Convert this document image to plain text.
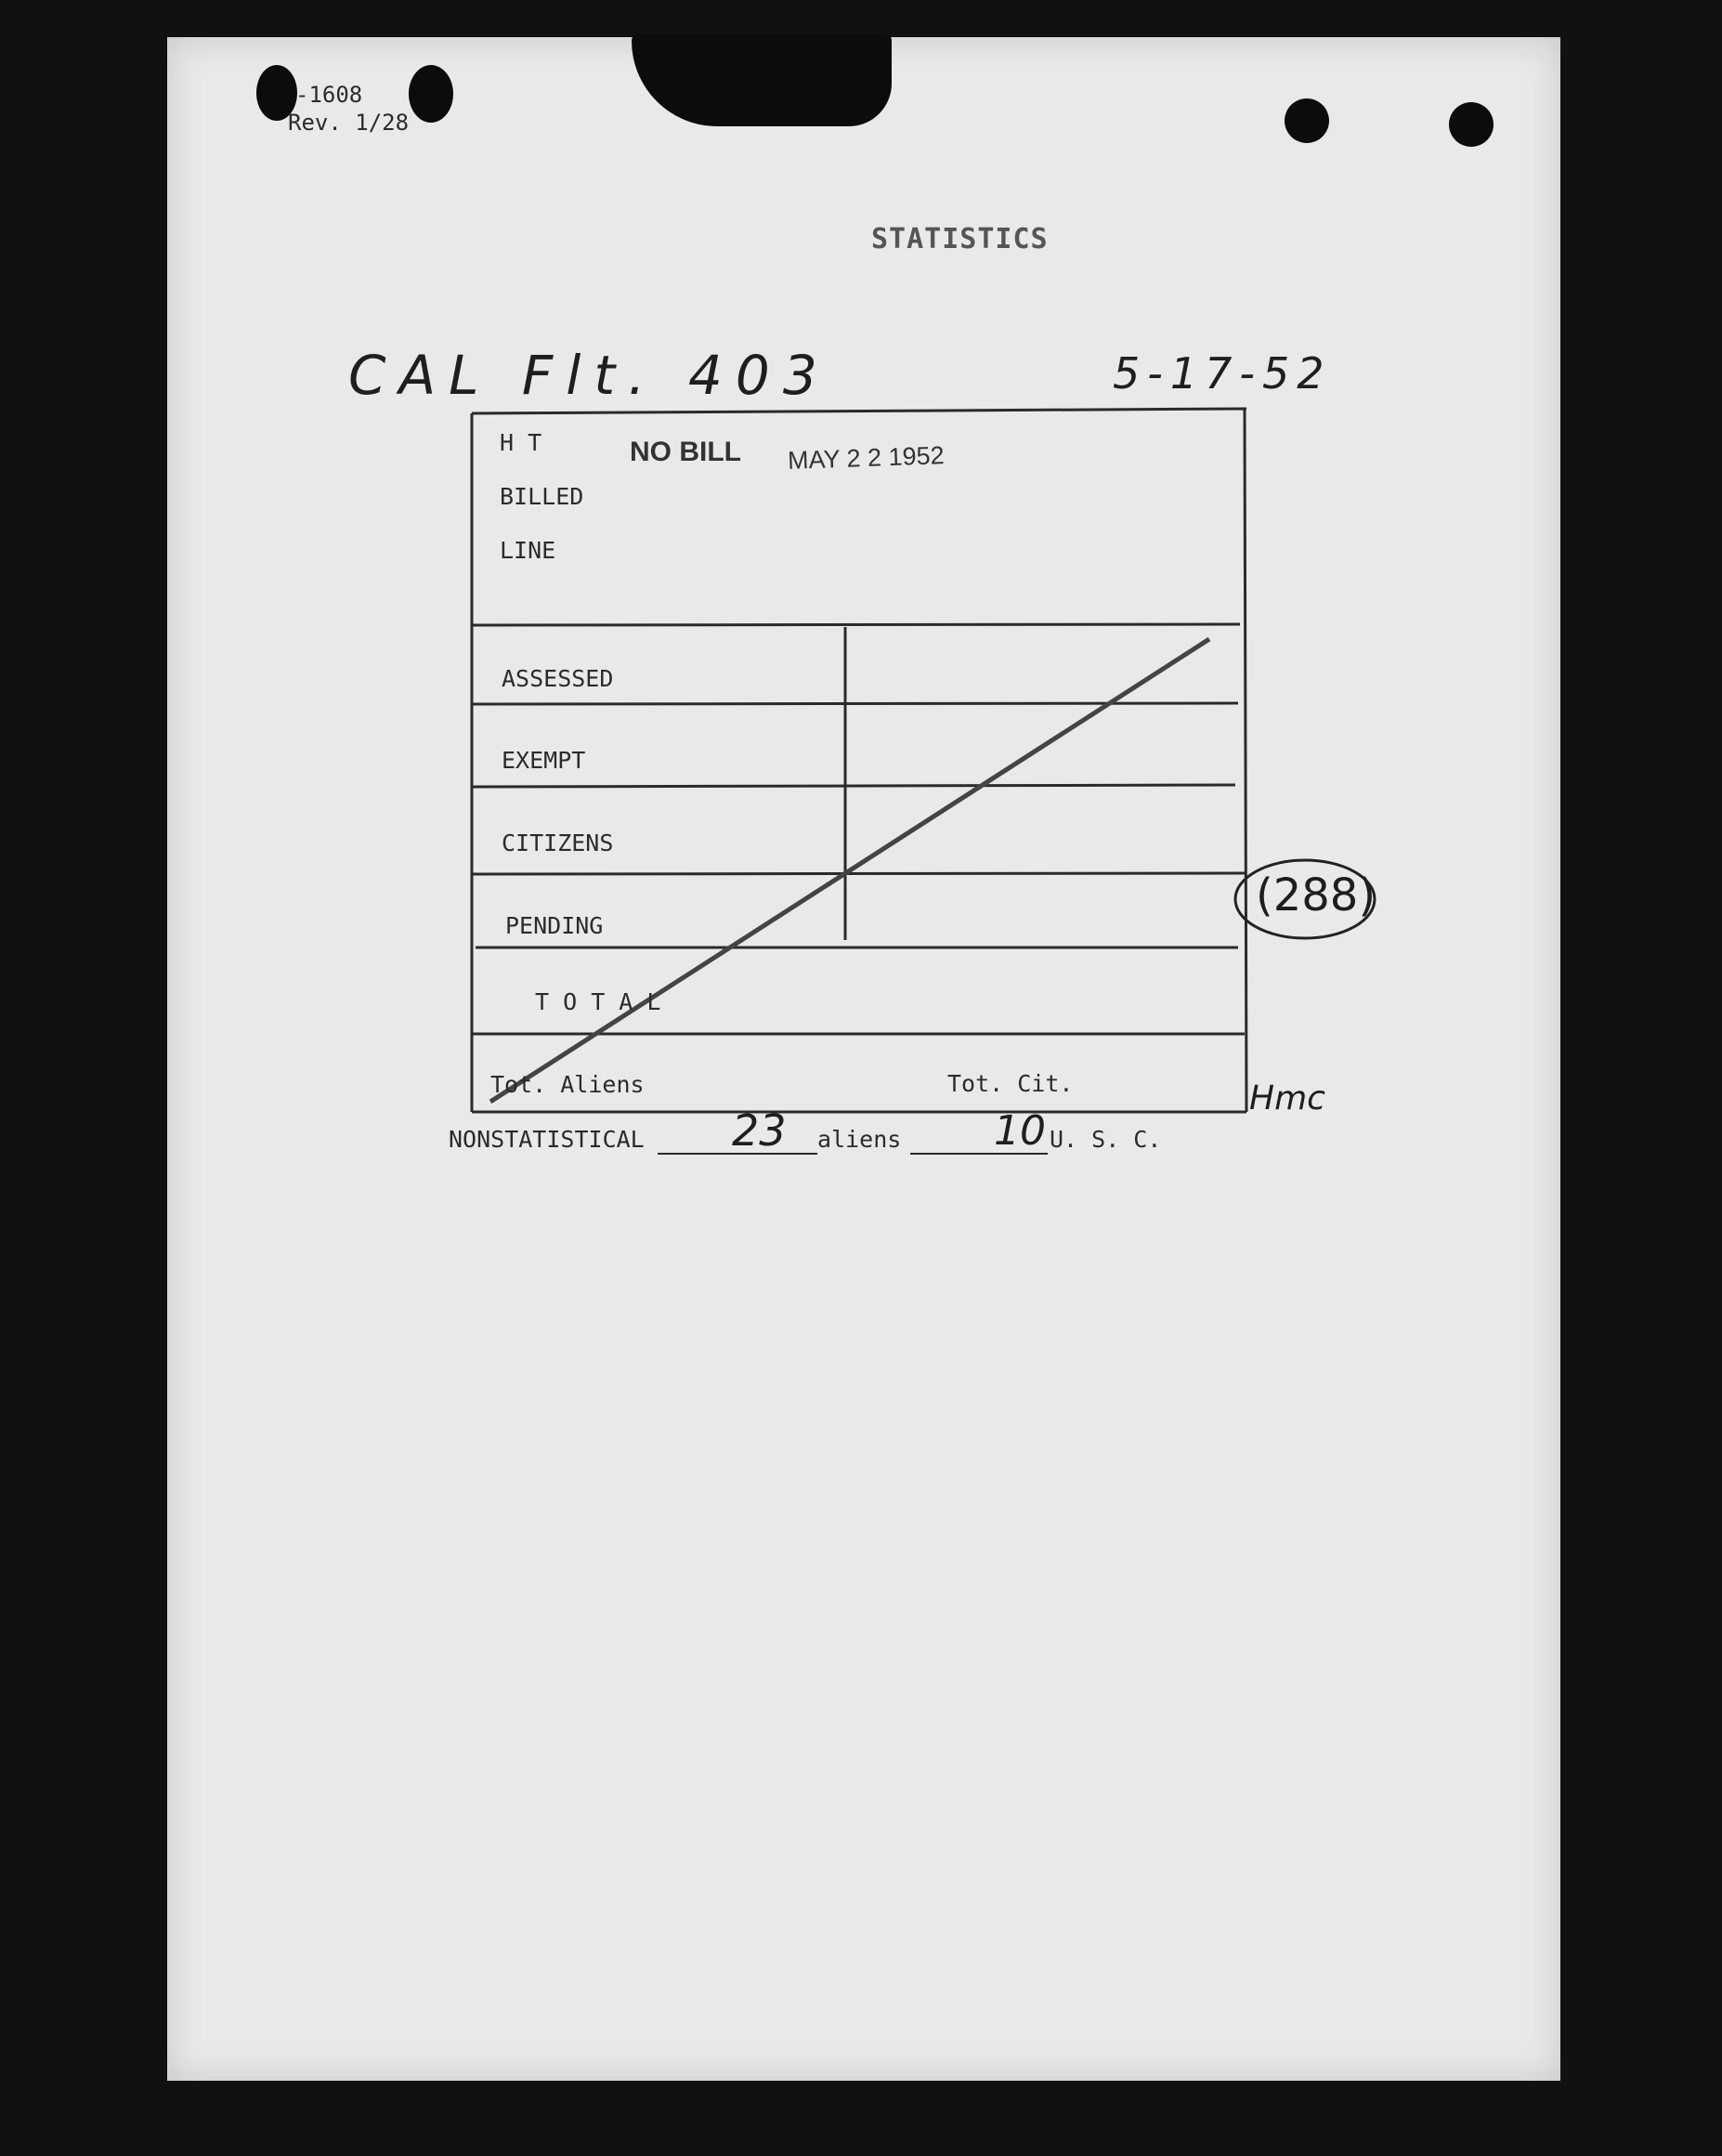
-1608
Rev. 1/28
STATISTICS
CAL Flt. 403	5-17-52
H T
BILLED
LINE
NO BILL MAY 2 2 1952
ASSESSED
EXEMPT
CITIZENS
PENDING
T O T A L
Tot. Aliens	Tot. Cit.
(288)
Hmc
NONSTATISTICAL 23 aliens 10 U. S. C.
